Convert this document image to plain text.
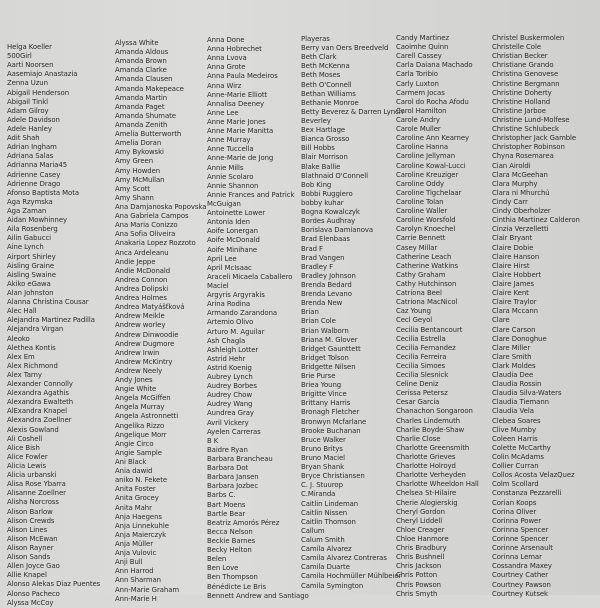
Helga Koeller
500Girl
Aarti Noorsen
Aasemiajo Anastazia
Zenna Uzun
Abigail Henderson
Abigail Tinkl
Adam Gilroy
Adele Davidson
Adele Hanley
Adit Shah
Adrian Ingham
Adriana Salas
Adrianna Maria45
Adrienne Casey
Adrienne Drago
Afonso Baptista Mota
Aga Rzymska
Aga Zaman
Aidan Mowhinney
Aila Rosenberg
Ailin Gabucci
Aine Lynch
Airport Shirley
Aisling Graine
Aisling Swaine
Akiko eGawa
Alan Johnston
Alanna Christina Cousar
Alec Hall
Alejandra Martinez Padilla
Alejandra Virgan
Aleoko
Alethea Kontis
Alex Em
Alex Richmond
Alex Tarny
Alexander Connolly
Alexandra Agathis
Alexandra Ewalteth
AlExandra Knapel
Alexandra Zoellner
Alexis Gowland
Ali Coshell
Alice Bish
Alice Fowler
Alicia Lewis
Alicia urbanski
Alisa Rose Ybarra
Alisanne Zoellner
Alisha Norcross
Alison Barlow
Alison Crewds
Alison Lines
Alison McEwan
Alison Rayner
Alison Sands
Allen Joyce Gao
Allie Knapel
Alonso Alekas Diaz Puentes
Alonso Pacheco
Alyssa McCoy
Alyssa White
Amanda Aldous
Amanda Brown
Amanda Clarke
Amanda Clausen
Amanda Makepeace
Amanda Martin
Amanda Paget
Amanda Shumate
Amanda Zenith
Amelia Butterworth
Amelia Doran
Amy Bykowski
Amy Green
Amy Howden
Amy McMullan
Amy Scott
Amy Shann
Ana Damjanoska Popovska
Ana Gabriela Campos
Ana Maria Conizzo
Ana Sofia Oliveira
Anakaria Lopez Rozzoto
Anca Ardeleanu
Andie Jeppe
Andie McDonald
Andrea Connon
Andrea Dolipski
Andrea Holmes
Andrea Matyášťková
Andrew Meikle
Andrew worley
Andrew Dinwoodie
Andrew Dugmore
Andrew Irwin
Andrew McKintry
Andrew Neely
Andy Jones
Angie White
Angela McGiffen
Angela Murray
Angela Astronnetti
Angelika Rizzo
Angelique Morr
Angie Circo
Angie Sample
Ani Black
Ania dawid
aniko N. Fekete
Anita Foster
Anita Grocey
Anita Mahr
Anja Haegens
Anja Linnekuhle
Anja Maierczyk
Anja Müller
Anja Vulovic
Anji Bull
Ann Harrod
Ann Sharman
Ann-Marie Graham
Ann-Marie H
Anna Done
Anna Hobrechet
Anna Lvova
Anna Grote
Anna Paula Medeiros
Anna Wirz
Anne-Marie Elliott
Annalisa Deeney
Anne Lee
Anne Marie Jones
Anne Marie Manitta
Anne Murray
Anne Tuccella
Anne-Marie de Jong
Annie Mills
Annie Scolaro
Annie Shannon
Annie Frances and Patrick
McGuigan
Antoinette Lower
Antonia Iden
Aoife Lonergan
Aoife McDonald
Aoife Minihane
April Lee
April McIsaac
Araceli Micaela Caballero
Maciel
Argyris Argyrakis
Arina Rodina
Armando Zarandona
Artemio Olivo
Arturo M. Aguilar
Ash Chagla
Ashleigh Lotter
Astrid Hehr
Astrid Koenig
Aubrey Lynch
Audrey Borbes
Audrey Chow
Audrey Wang
Aundrea Gray
Avril Vickery
Ayelen Carreras
B K
Baidre Ryan
Barbara Brancheau
Barbara Dot
Barbara Jansen
Barbara Jozbec
Barbs C.
Bart Moens
Bartle Bear
Beatriz Amorós Pérez
Becca Nelson
Beckie Barnes
Becky Helton
Belen
Ben Love
Ben Thompson
Bénédicte Le Bris
Bennett Andrew and Santiago
Playeras
Berry van Oers Breedveld
Beth Clark
Beth McKenna
Beth Moses
Beth O'Connell
Bethan Williams
Bethanie Monroe
Betty Beverez & Darren Lynch
Beverley
Bex Hartlage
Bianca Grosso
Bill Hobbs
Blair Morrison
Blake Ballie
Blathnaid O'Connell
Bob King
Bobbi Ruggiero
bobby kuhar
Bogna Kowalczyk
Bordes Audhray
Borislava Damianova
Brad Elenbaas
Brad F
Brad Vangen
Bradley F
Bradley Johnson
Brenda Bedard
Brenda Levano
Brenda New
Brian
Brian Cole
Brian Walborn
Briana M. Glover
Bridget Gaunttett
Bridget Tolson
Bridgette Nilsen
Brie Purse
Briea Young
Brigitte Vince
Brittany Harris
Bronagh Fletcher
Bronwyn Mcfarlane
Brooke Buchanan
Bruce Walker
Bruno Britys
Bruno Maciel
Bryan Shank
Bryce Christiansen
C. J. Stuurop
C.Miranda
Caitlin Lindeman
Caitlin Nissen
Caitlin Thomson
Callum
Calum Smith
Camila Alvarez
Camila Alvarez Contreras
Camila Duarte
Camila Hochmüller Mühlbeier
Camila Symington
Candy Martinez
Caoimhe Quinn
Carell Cassey
Carla Daiana Machado
Carla Toribio
Carly Luxton
Carmem Jocas
Carol do Rocha Afodu
Carol Hamilton
Carole Andry
Carole Muller
Caroline Ann Kearney
Caroline Hanna
Caroline Jellyman
Caroline Kowal-Lucci
Caroline Kreuziger
Caroline Oddy
Caroline Tigchelaar
Caroline Tolan
Caroline Waller
Caroline Worsfold
Carolyn Knoechel
Carrie Bennett
Casey Millar
Catherine Leach
Catherine Watkins
Cathy Graham
Cathy Hutchinson
Catriona Beel
Catriona MacNicol
Caz Young
Cecl Geyol
Cecilia Bentancourt
Cecilia Estrella
Cecilia Fernandez
Cecilia Ferreira
Cecilia Simoes
Cecilia Slesnick
Celine Deniz
Cerissa Petersz
Cesar Garcia
Chanachon Songaroon
Charles Lindemuth
Charlie Boyde-Shaw
Charlie Close
Charlotte Greensmith
Charlotte Grieves
Charlotte Holroyd
Charlotte Verheyden
Charlotte Wheeldon Hall
Chelsea St-Hilaire
Cherie Alogierskig
Cheryl Gordon
Cheryl Liddell
Chloe Creager
Chloe Hanmore
Chris Bradbury
Chris Bushnell
Chris Jackson
Chris Potton
Chris Powson
Chris Smyth
Christel Buskermolen
Christelle Cole
Christian Becker
Christiane Grando
Christina Genovese
Christine Bergmann
Christine Doherty
Christine Holland
Christine Jarboe
Christine Lund-Molfese
Christine Schlubeck
Christopher Jack Gamble
Christopher Robinson
Chyna Rosemarea
Cian Airoldi
Clara McGeehan
Clara Murphy
Clara ni Mhurchú
Cindy Carr
Cindy Oberholzer
Cinthia Martinez Calderon
Cinzia Verzelletti
Clair Bryant
Claire Dobie
Claire Hanson
Claire Hirst
Claire Hobbert
Claire James
Claire Kent
Claire Traylor
Clara Mccann
Clare
Clare Carson
Clare Donoghue
Clare Miller
Clare Smith
Clark Moldes
Claudia Dee
Claudia Rossin
Claudia Silva-Waters
Claudia Tiemann
Claudia Vela
Clebea Soares
Clive Mumby
Coleen Harris
Colette McCarthy
Colin McAdams
Collier Curran
Collos Acosta VelazQuez
Colm Scollard
Constanza Pezzarelli
Corian Koops
Corina Oliver
Corinna Power
Corinna Spencer
Corinne Spencer
Corinne Arsenault
Corinna Lemar
Cossandra Maxey
Courtney Cather
Courtney Pawson
Courtney Kutsek
